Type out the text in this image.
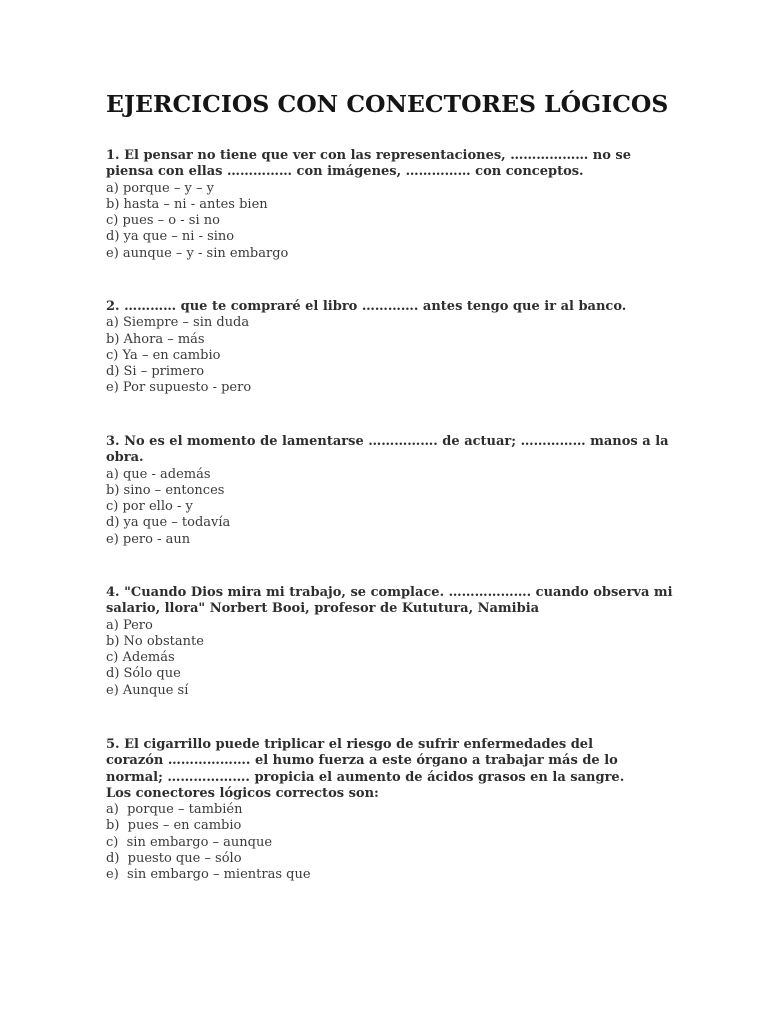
EJERCICIOS CON CONECTORES LÓGICOS
1. El pensar no tiene que ver con las representaciones, ……………… no se
piensa con ellas …………… con imágenes, …………… con conceptos.
a) porque – y – y
b) hasta – ni - antes bien
c) pues – o - si no
d) ya que – ni - sino
e) aunque – y - sin embargo
2. ………… que te compraré el libro …………. antes tengo que ir al banco.
a) Siempre – sin duda
b) Ahora – más
c) Ya – en cambio
d) Si – primero
e) Por supuesto - pero
3. No es el momento de lamentarse ……………. de actuar; …………… manos a la
obra.
a) que - además
b) sino – entonces
c) por ello - y
d) ya que – todavía
e) pero - aun
4. "Cuando Dios mira mi trabajo, se complace. ………………. cuando observa mi
salario, llora" Norbert Booi, profesor de Kututura, Namibia
a) Pero
b) No obstante
c) Además
d) Sólo que
e) Aunque sí
5. El cigarrillo puede triplicar el riesgo de sufrir enfermedades del
corazón ………………. el humo fuerza a este órgano a trabajar más de lo
normal; ………………. propicia el aumento de ácidos grasos en la sangre.
Los conectores lógicos correctos son:
a)  porque – también
b)  pues – en cambio
c)  sin embargo – aunque
d)  puesto que – sólo
e)  sin embargo – mientras que
